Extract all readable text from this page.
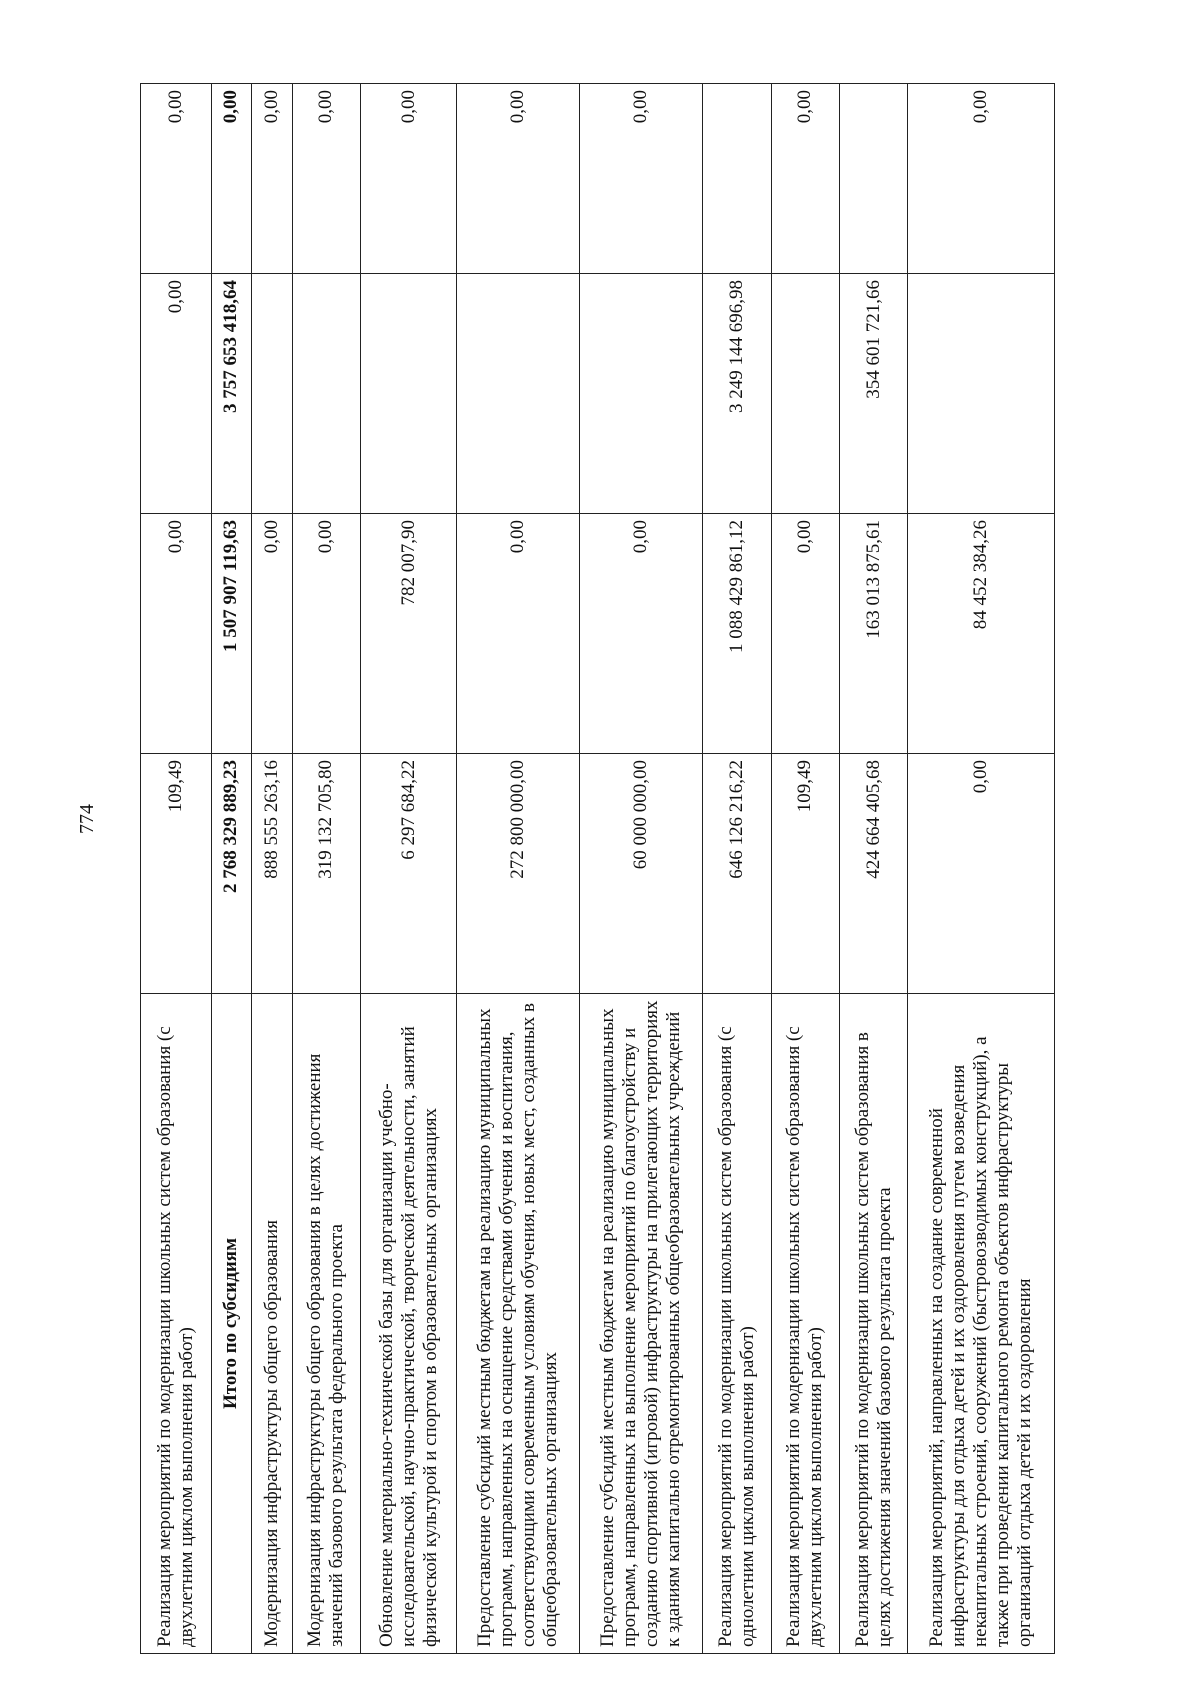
774
Реализация мероприятий по модернизации школьных систем образования (с двухлетним циклом выполнения работ)	109,49	0,00	0,00	0,00
Итого по субсидиям	2 768 329 889,23	1 507 907 119,63	3 757 653 418,64	0,00
Модернизация инфраструктуры общего образования	888 555 263,16	0,00		0,00
Модернизация инфраструктуры общего образования в целях достижения значений базового результата федерального проекта	319 132 705,80	0,00		0,00
Обновление материально-технической базы для организации учебно-исследовательской, научно-практической, творческой деятельности, занятий физической культурой и спортом в образовательных организациях	6 297 684,22	782 007,90		0,00
Предоставление субсидий местным бюджетам на реализацию муниципальных программ, направленных на оснащение средствами обучения и воспитания, соответствующими современным условиям обучения, новых мест, созданных в общеобразовательных организациях	272 800 000,00	0,00		0,00
Предоставление субсидий местным бюджетам на реализацию муниципальных программ, направленных на выполнение мероприятий по благоустройству и созданию спортивной (игровой) инфраструктуры на прилегающих территориях к зданиям капитально отремонтированных общеобразовательных учреждений	60 000 000,00	0,00		0,00
Реализация мероприятий по модернизации школьных систем образования (с однолетним циклом выполнения работ)	646 126 216,22	1 088 429 861,12	3 249 144 696,98	
Реализация мероприятий по модернизации школьных систем образования (с двухлетним циклом выполнения работ)	109,49	0,00		0,00
Реализация мероприятий по модернизации школьных систем образования в целях достижения значений базового результата проекта	424 664 405,68	163 013 875,61	354 601 721,66	
Реализация мероприятий, направленных на создание современной инфраструктуры для отдыха детей и их оздоровления путем возведения некапитальных строений, сооружений (быстровозводимых конструкций), а также при проведении капитального ремонта объектов инфраструктуры организаций отдыха детей и их оздоровления	0,00	84 452 384,26		0,00
